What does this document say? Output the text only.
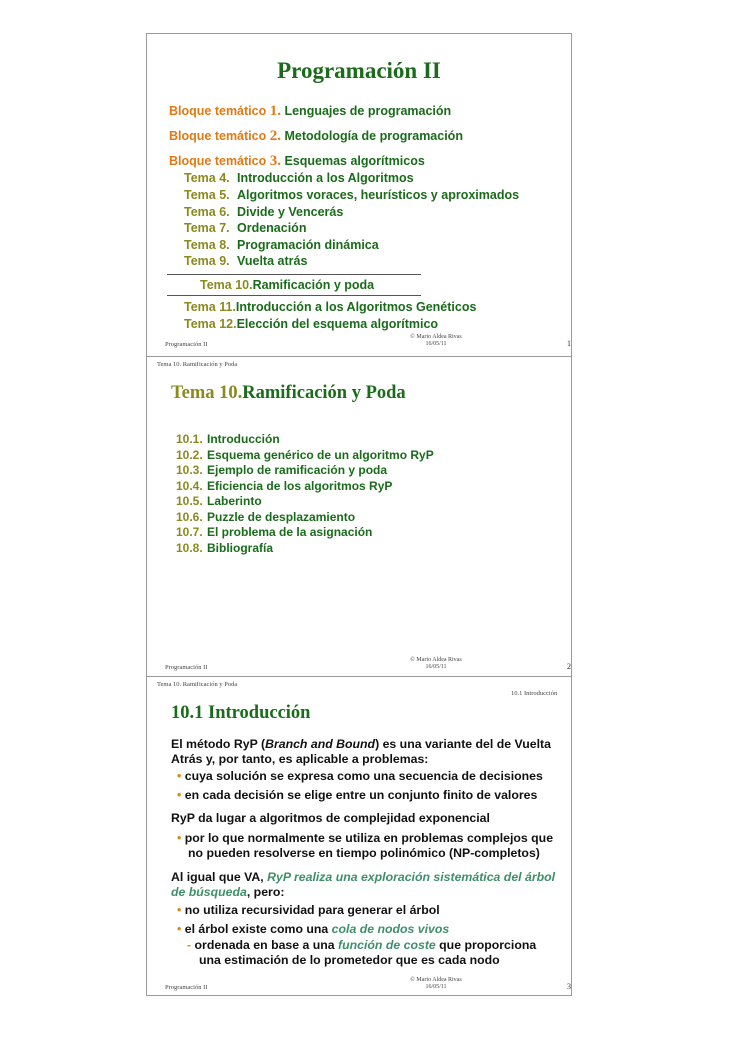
Programación II
Bloque temático 1. Lenguajes de programación
Bloque temático 2. Metodología de programación
Bloque temático 3. Esquemas algorítmicos
Tema 4. Introducción a los Algoritmos
Tema 5. Algoritmos voraces, heurísticos y aproximados
Tema 6. Divide y Vencerás
Tema 7. Ordenación
Tema 8. Programación dinámica
Tema 9. Vuelta atrás
Tema 10.Ramificación y poda
Tema 11.Introducción a los Algoritmos Genéticos
Tema 12.Elección del esquema algorítmico
Programación II
© Mario Aldea Rivas
16/05/11	1
Tema 10. Ramificación y Poda
Tema 10.Ramificación y Poda
10.1. Introducción
10.2. Esquema genérico de un algoritmo RyP
10.3. Ejemplo de ramificación y poda
10.4. Eficiencia de los algoritmos RyP
10.5. Laberinto
10.6. Puzzle de desplazamiento
10.7. El problema de la asignación
10.8. Bibliografía
Programación II
© Mario Aldea Rivas
16/05/11	2
Tema 10. Ramificación y Poda
10.1 Introducción
10.1 Introducción
El método RyP (Branch and Bound) es una variante del de Vuelta
Atrás y, por tanto, es aplicable a problemas:
• cuya solución se expresa como una secuencia de decisiones
• en cada decisión se elige entre un conjunto finito de valores
RyP da lugar a algoritmos de complejidad exponencial
• por lo que normalmente se utiliza en problemas complejos que
no pueden resolverse en tiempo polinómico (NP-completos)
Al igual que VA, RyP realiza una exploración sistemática del árbol
de búsqueda, pero:
• no utiliza recursividad para generar el árbol
• el árbol existe como una cola de nodos vivos
- ordenada en base a una función de coste que proporciona
una estimación de lo prometedor que es cada nodo
Programación II
© Mario Aldea Rivas
16/05/11	3
